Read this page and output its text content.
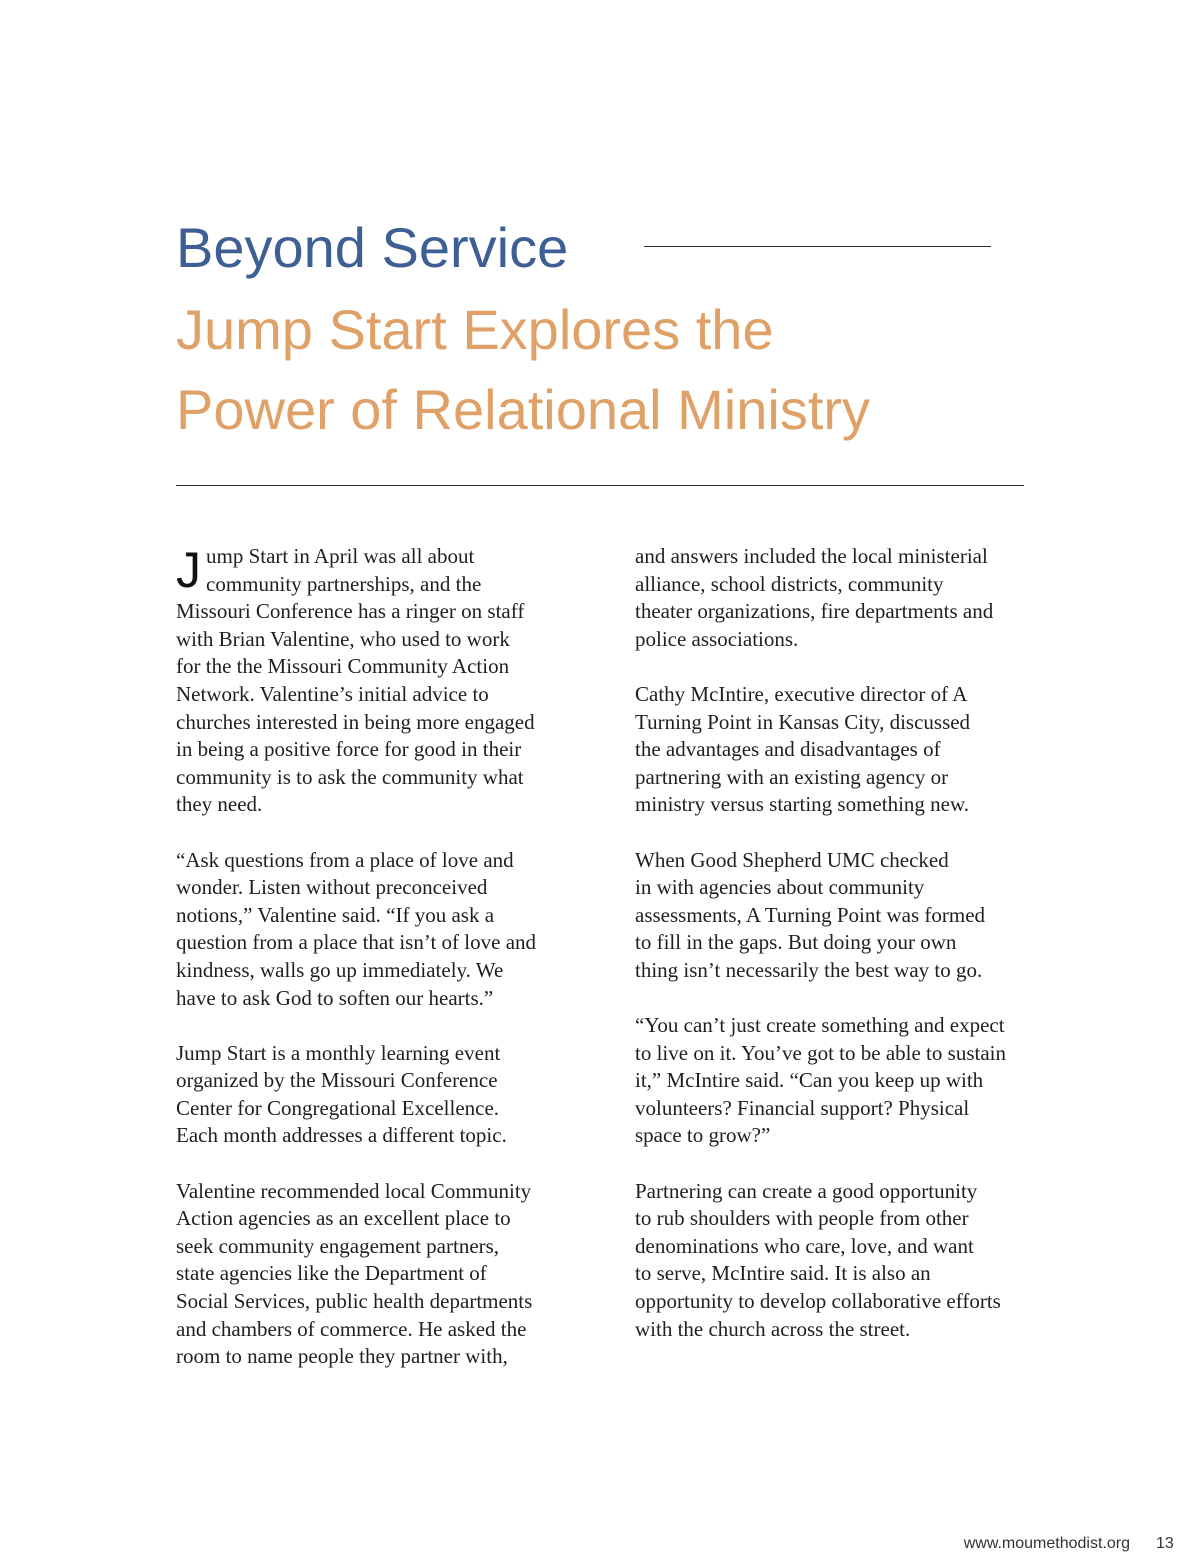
Beyond Service
Jump Start Explores the
Power of Relational Ministry

J ump Start in April was all about
community partnerships, and the
Missouri Conference has a ringer on staff
with Brian Valentine, who used to work
for the the Missouri Community Action
Network. Valentine’s initial advice to
churches interested in being more engaged
in being a positive force for good in their
community is to ask the community what
they need.

“Ask questions from a place of love and
wonder. Listen without preconceived
notions,” Valentine said. “If you ask a
question from a place that isn’t of love and
kindness, walls go up immediately. We
have to ask God to soften our hearts.”

Jump Start is a monthly learning event
organized by the Missouri Conference
Center for Congregational Excellence.
Each month addresses a different topic.

Valentine recommended local Community
Action agencies as an excellent place to
seek community engagement partners,
state agencies like the Department of
Social Services, public health departments
and chambers of commerce. He asked the
room to name people they partner with,

and answers included the local ministerial
alliance, school districts, community
theater organizations, fire departments and
police associations.

Cathy McIntire, executive director of A
Turning Point in Kansas City, discussed
the advantages and disadvantages of
partnering with an existing agency or
ministry versus starting something new.

When Good Shepherd UMC checked
in with agencies about community
assessments, A Turning Point was formed
to fill in the gaps. But doing your own
thing isn’t necessarily the best way to go.

“You can’t just create something and expect
to live on it. You’ve got to be able to sustain
it,” McIntire said. “Can you keep up with
volunteers? Financial support? Physical
space to grow?”

Partnering can create a good opportunity
to rub shoulders with people from other
denominations who care, love, and want
to serve, McIntire said. It is also an
opportunity to develop collaborative efforts
with the church across the street.

www.moumethodist.org 13
